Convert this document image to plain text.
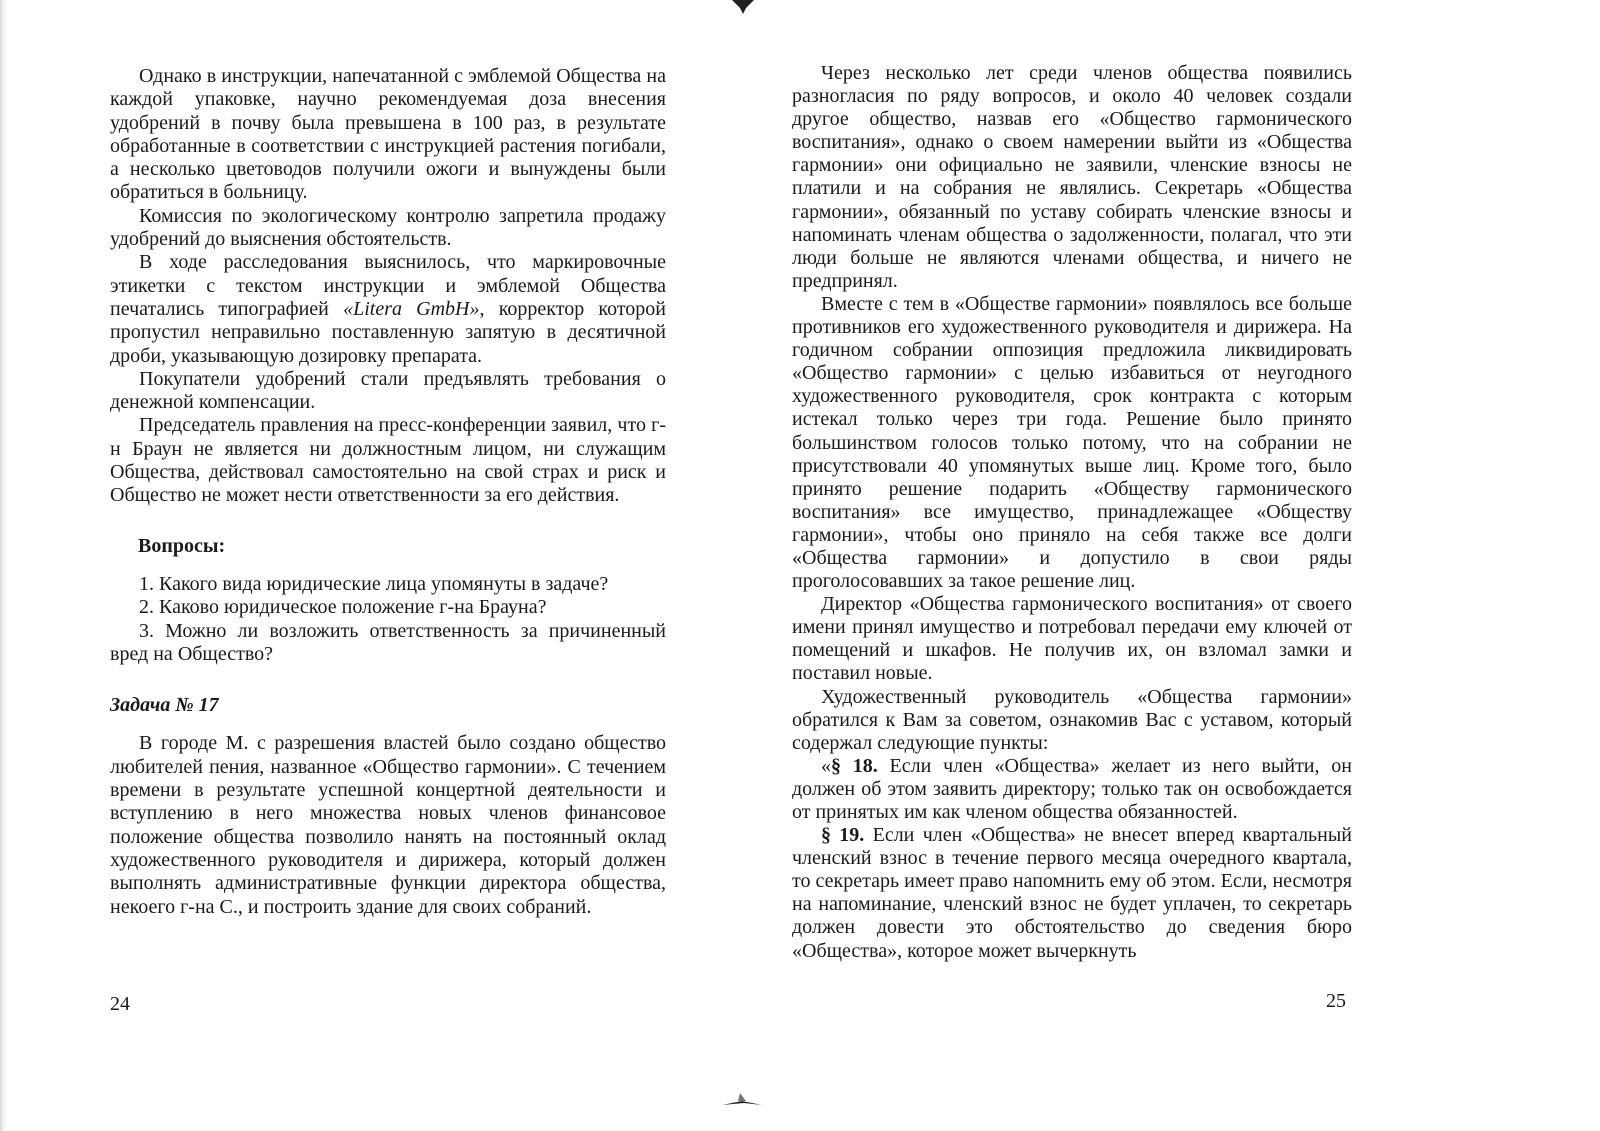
Однако в инструкции, напечатанной с эмблемой Общества на каждой упаковке, научно рекомендуемая доза внесения удобрений в почву была превышена в 100 раз, в результате обработанные в соответствии с инструкцией растения погибали, а несколько цветоводов получили ожоги и вынуждены были обратиться в больницу.

Комиссия по экологическому контролю запретила продажу удобрений до выяснения обстоятельств.

В ходе расследования выяснилось, что маркировочные этикетки с текстом инструкции и эмблемой Общества печатались типографией «Litera GmbH», корректор которой пропустил неправильно поставленную запятую в десятичной дроби, указывающую дозировку препарата.

Покупатели удобрений стали предъявлять требования о денежной компенсации.

Председатель правления на пресс-конференции заявил, что г-н Браун не является ни должностным лицом, ни служащим Общества, действовал самостоятельно на свой страх и риск и Общество не может нести ответственности за его действия.

Вопросы:

1. Какого вида юридические лица упомянуты в задаче?

2. Каково юридическое положение г-на Брауна?

3. Можно ли возложить ответственность за причиненный вред на Общество?

Задача № 17

В городе М. с разрешения властей было создано общество любителей пения, названное «Общество гармонии». С течением времени в результате успешной концертной деятельности и вступлению в него множества новых членов финансовое положение общества позволило нанять на постоянный оклад художественного руководителя и дирижера, который должен выполнять административные функции директора общества, некоего г-на С., и построить здание для своих собраний.

24

Через несколько лет среди членов общества появились разногласия по ряду вопросов, и около 40 человек создали другое общество, назвав его «Общество гармонического воспитания», однако о своем намерении выйти из «Общества гармонии» они официально не заявили, членские взносы не платили и на собрания не являлись. Секретарь «Общества гармонии», обязанный по уставу собирать членские взносы и напоминать членам общества о задолженности, полагал, что эти люди больше не являются членами общества, и ничего не предпринял.

Вместе с тем в «Обществе гармонии» появлялось все больше противников его художественного руководителя и дирижера. На годичном собрании оппозиция предложила ликвидировать «Общество гармонии» с целью избавиться от неугодного художественного руководителя, срок контракта с которым истекал только через три года. Решение было принято большинством голосов только потому, что на собрании не присутствовали 40 упомянутых выше лиц. Кроме того, было принято решение подарить «Обществу гармонического воспитания» все имущество, принадлежащее «Обществу гармонии», чтобы оно приняло на себя также все долги «Общества гармонии» и допустило в свои ряды проголосовавших за такое решение лиц.

Директор «Общества гармонического воспитания» от своего имени принял имущество и потребовал передачи ему ключей от помещений и шкафов. Не получив их, он взломал замки и поставил новые.

Художественный руководитель «Общества гармонии» обратился к Вам за советом, ознакомив Вас с уставом, который содержал следующие пункты:

«§ 18. Если член «Общества» желает из него выйти, он должен об этом заявить директору; только так он освобождается от принятых им как членом общества обязанностей.

§ 19. Если член «Общества» не внесет вперед квартальный членский взнос в течение первого месяца очередного квартала, то секретарь имеет право напомнить ему об этом. Если, несмотря на напоминание, членский взнос не будет уплачен, то секретарь должен довести это обстоятельство до сведения бюро «Общества», которое может вычеркнуть

25
